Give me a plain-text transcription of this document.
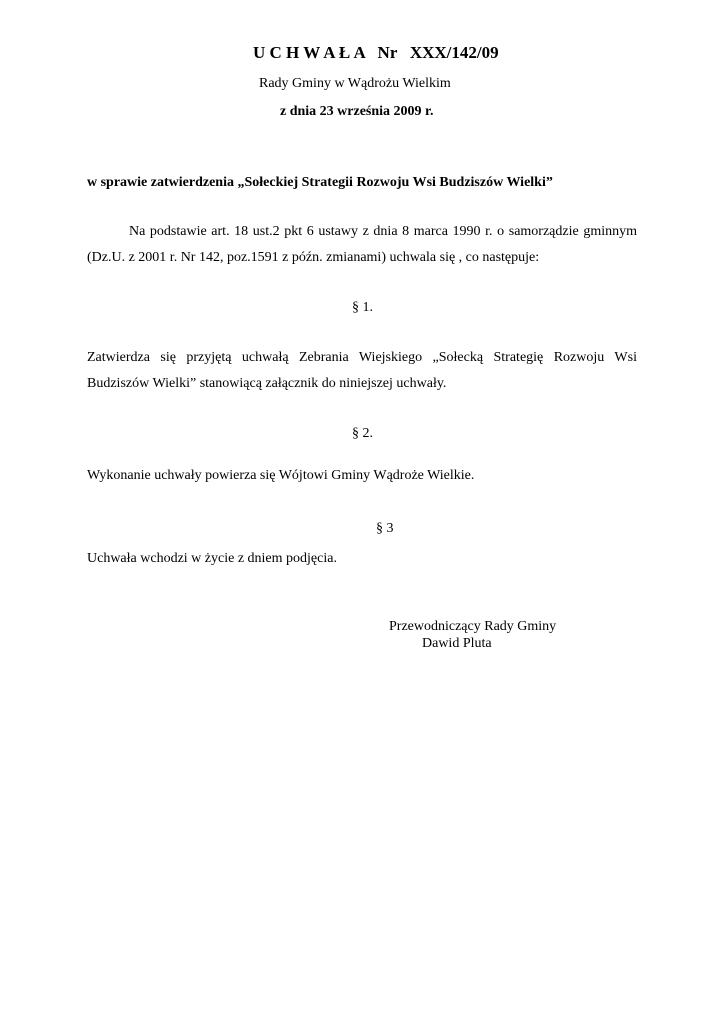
U C H W A Ł A   Nr   XXX/142/09
Rady Gminy w Wądrożu Wielkim
z dnia 23 września 2009 r.
w sprawie zatwierdzenia „Sołeckiej Strategii Rozwoju Wsi Budziszów Wielki”
Na podstawie art. 18 ust.2 pkt 6 ustawy z dnia 8 marca 1990 r. o samorządzie gminnym (Dz.U. z 2001 r. Nr 142, poz.1591 z późn. zmianami) uchwala się , co następuje:
§ 1.
Zatwierdza się przyjętą uchwałą Zebrania Wiejskiego „Sołecką Strategię Rozwoju Wsi Budziszów Wielki” stanowiącą załącznik do niniejszej uchwały.
§ 2.
Wykonanie uchwały powierza się Wójtowi Gminy Wądroże Wielkie.
§ 3
Uchwała wchodzi w życie z dniem podjęcia.
Przewodniczący Rady Gminy
Dawid Pluta
